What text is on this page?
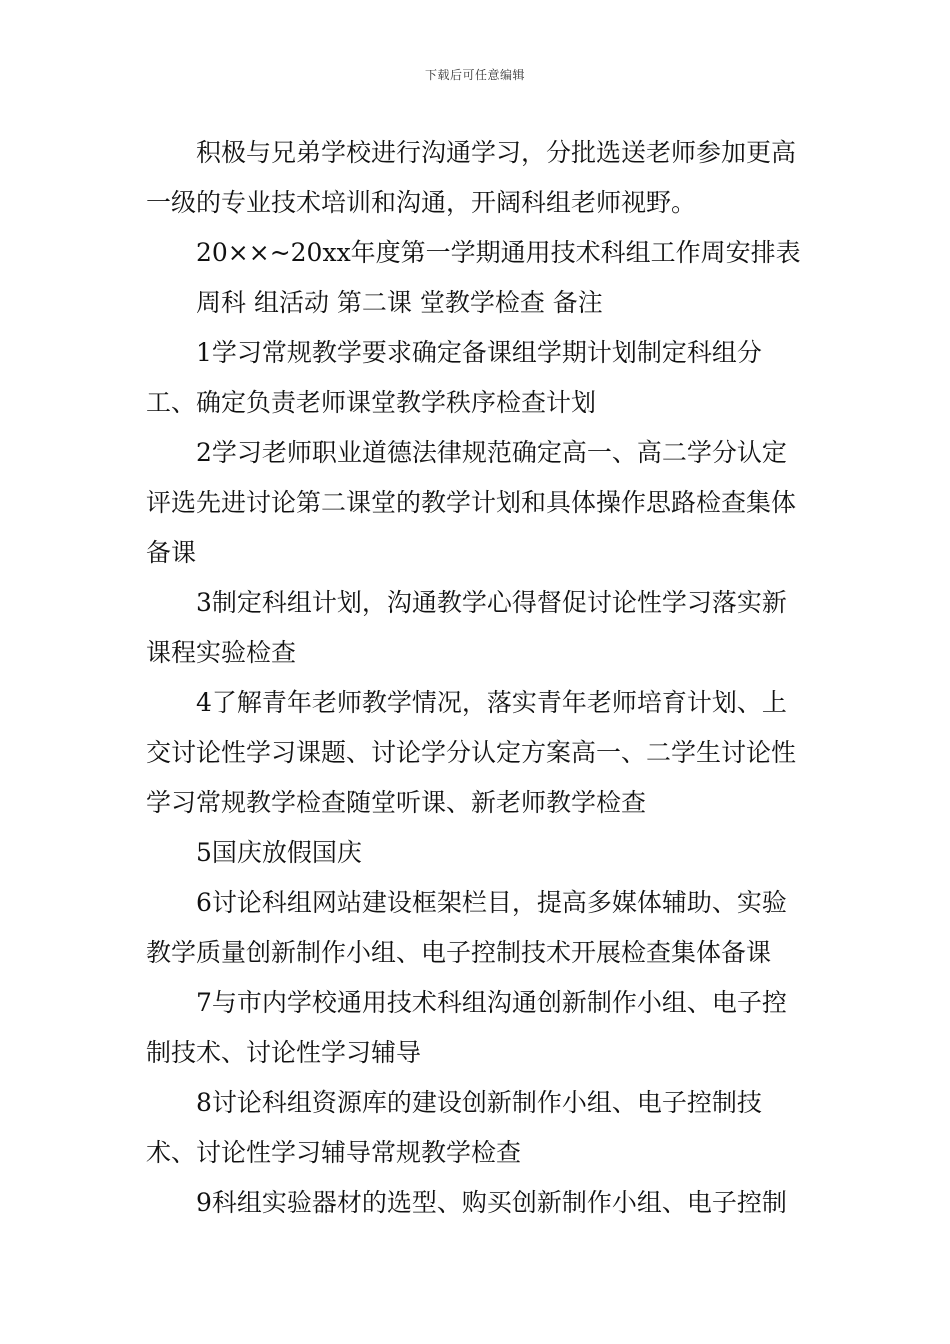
下载后可任意编辑

积极与兄弟学校进行沟通学习，分批选送老师参加更高一级的专业技术培训和沟通，开阔科组老师视野。

20××~20xx年度第一学期通用技术科组工作周安排表

周科 组活动 第二课 堂教学检查 备注

1学习常规教学要求确定备课组学期计划制定科组分工、确定负责老师课堂教学秩序检查计划

2学习老师职业道德法律规范确定高一、高二学分认定评选先进讨论第二课堂的教学计划和具体操作思路检查集体备课

3制定科组计划，沟通教学心得督促讨论性学习落实新课程实验检查

4了解青年老师教学情况，落实青年老师培育计划、上交讨论性学习课题、讨论学分认定方案高一、二学生讨论性学习常规教学检查随堂听课、新老师教学检查

5国庆放假国庆

6讨论科组网站建设框架栏目，提高多媒体辅助、实验教学质量创新制作小组、电子控制技术开展检查集体备课

7与市内学校通用技术科组沟通创新制作小组、电子控制技术、讨论性学习辅导

8讨论科组资源库的建设创新制作小组、电子控制技术、讨论性学习辅导常规教学检查

9科组实验器材的选型、购买创新制作小组、电子控制
